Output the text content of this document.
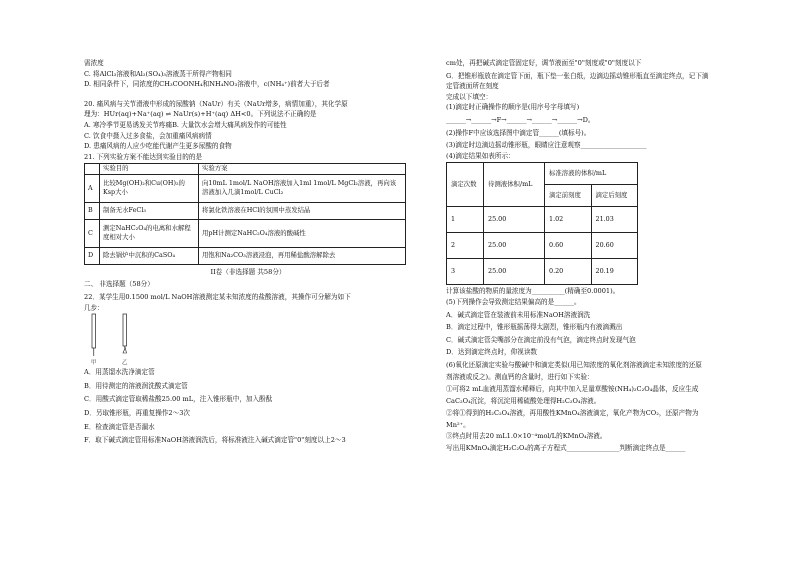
需浓度
C. 将AlCl₃溶液和Al₂(SO₄)₃溶液蒸干所得产物相同
D. 相同条件下，同浓度的CH₃COONH₄和NH₄NO₃溶液中，c(NH₄⁺)前者大于后者
20. 痛风病与关节滑液中形成的尿酸钠（NaUr）有关（NaUr增多，病情加重），其化学原
理为：HUr(aq)+Na⁺(aq) ⇌ NaUr(s)+H⁺(aq) ΔH<0。下列说法不正确的是
A. 寒冷季节更易诱发关节疼痛B. 大量饮水会增大痛风病发作的可能性
C. 饮食中摄入过多食盐，会加重痛风病病情
D. 患痛风病的人应少吃能代谢产生更多尿酸的食物
21. 下列实验方案不能达到实验目的的是
	实验目的	实验方案
A	比较Mg(OH)₂和Cu(OH)₂的Ksp大小	向10mL 1mol/L NaOH溶液加入1ml 1mol/L MgCl₂溶液，再向该溶液加入几滴1mol/L CuCl₂
B	制备无水FeCl₃	将氯化铁溶液在HCl的氛围中蒸发结晶
C	测定NaHC₂O₄的电离和水解程度相对大小	用pH计测定NaHC₂O₄溶液的酸碱性
D	除去锅炉中沉积的CaSO₄	用饱和Na₂CO₃溶液浸泡，再用稀盐酸溶解除去
II卷（非选择题 共58分）
二、 非选择题（58分）
22．某学生用0.1500 mol/L NaOH溶液测定某未知浓度的盐酸溶液，其操作可分解为如下
几步：
甲	乙
A．用蒸馏水洗净滴定管
B．用待测定的溶液润洗酸式滴定管
C．用酸式滴定管取稀盐酸25.00 mL，注入锥形瓶中，加入酚酞
D．另取锥形瓶，再重复操作2～3次
E．检查滴定管是否漏水
F．取下碱式滴定管用标准NaOH溶液润洗后，将标准液注入碱式滴定管"0"刻度以上2～3
cm处，再把碱式滴定管固定好，调节液面至"0"刻度或"0"刻度以下
G．把锥形瓶放在滴定管下面，瓶下垫一张白纸，边滴边摇动锥形瓶直至滴定终点，记下滴
定管液面所在刻度
完成以下填空：
(1)滴定时正确操作的顺序是(用序号字母填写)
______→______→F→______→______→______→D。
(2)操作F中应该选择图中滴定管______(填标号)。
(3)滴定时边滴边摇动锥形瓶，眼睛应注意观察____________________
(4)滴定结果如表所示：
滴定次数	待测液体积/mL	标准溶液的体积/mL	
		滴定前刻度	滴定后刻度
1	25.00	1.02	21.03
2	25.00	0.60	20.60
3	25.00	0.20	20.19
计算该盐酸的物质的量浓度为__________(精确至0.0001)。
(5)下列操作会导致测定结果偏高的是______。
A．碱式滴定管在装液前未用标准NaOH溶液润洗
B．滴定过程中，锥形瓶摇荡得太剧烈，锥形瓶内有液滴溅出
C．碱式滴定管尖嘴部分在滴定前没有气泡，滴定终点时发现气泡
D．达到滴定终点时，仰视读数
(6)氧化还原滴定实验与酸碱中和滴定类似(用已知浓度的氧化剂溶液滴定未知浓度的还原
剂溶液或反之)。测血钙的含量时，进行如下实验：
①可将2 mL血液用蒸馏水稀释后，向其中加入足量草酸铵(NH₄)₂C₂O₄晶体，反应生成
CaC₂O₄沉淀，将沉淀用稀硫酸处理得H₂C₂O₄溶液。
②将①得到的H₂C₂O₄溶液，再用酸性KMnO₄溶液滴定，氧化产物为CO₂，还原产物为
Mn²⁺。
③终点时用去20 mL1.0×10⁻⁴mol/L的KMnO₄溶液。
写出用KMnO₄滴定H₂C₂O₄的离子方程式________________判断滴定终点是______
